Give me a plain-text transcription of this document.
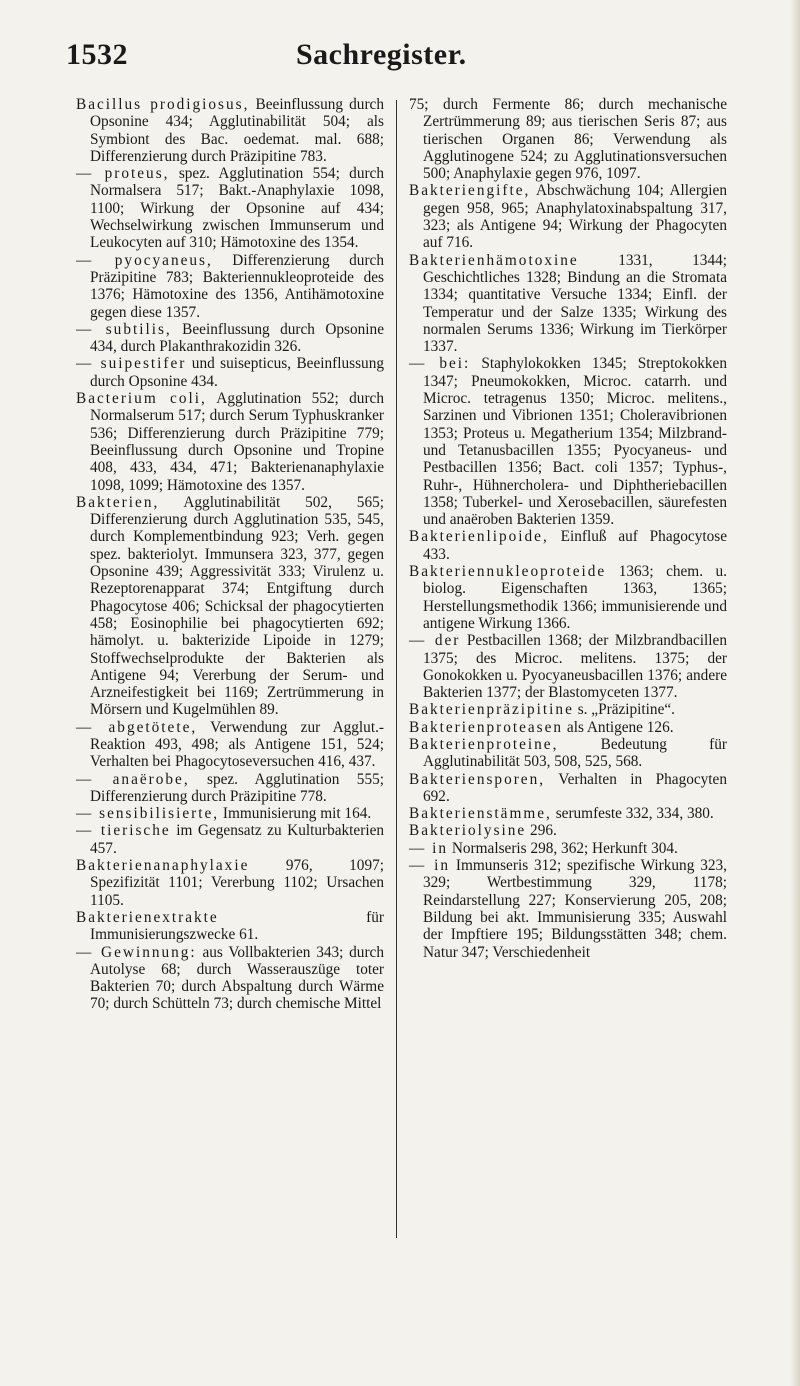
1532	Sachregister.

Bacillus prodigiosus, Beeinflussung durch Opsonine 434; Agglutinabilität 504; als Symbiont des Bac. oedemat. mal. 688; Differenzierung durch Präzipitine 783.

— proteus, spez. Agglutination 554; durch Normalsera 517; Bakt.-Anaphylaxie 1098, 1100; Wirkung der Opsonine auf 434; Wechselwirkung zwischen Immunserum und Leukocyten auf 310; Hämotoxine des 1354.

— pyocyaneus, Differenzierung durch Präzipitine 783; Bakteriennukleoproteide des 1376; Hämotoxine des 1356, Antihämotoxine gegen diese 1357.

— subtilis, Beeinflussung durch Opsonine 434, durch Plakanthrakozidin 326.

— suipestifer und suisepticus, Beeinflussung durch Opsonine 434.

Bacterium coli, Agglutination 552; durch Normalserum 517; durch Serum Typhuskranker 536; Differenzierung durch Präzipitine 779; Beeinflussung durch Opsonine und Tropine 408, 433, 434, 471; Bakterienanaphylaxie 1098, 1099; Hämotoxine des 1357.

Bakterien, Agglutinabilität 502, 565; Differenzierung durch Agglutination 535, 545, durch Komplementbindung 923; Verh. gegen spez. bakteriolyt. Immunsera 323, 377, gegen Opsonine 439; Aggressivität 333; Virulenz u. Rezeptorenapparat 374; Entgiftung durch Phagocytose 406; Schicksal der phagocytierten 458; Eosinophilie bei phagocytierten 692; hämolyt. u. bakterizide Lipoide in 1279; Stoffwechselprodukte der Bakterien als Antigene 94; Vererbung der Serum- und Arzneifestigkeit bei 1169; Zertrümmerung in Mörsern und Kugelmühlen 89.

— abgetötete, Verwendung zur Agglut.-Reaktion 493, 498; als Antigene 151, 524; Verhalten bei Phagocytoseversuchen 416, 437.

— anaërobe, spez. Agglutination 555; Differenzierung durch Präzipitine 778.

— sensibilisierte, Immunisierung mit 164.

— tierische im Gegensatz zu Kulturbakterien 457.

Bakterienanaphylaxie 976, 1097; Spezifizität 1101; Vererbung 1102; Ursachen 1105.

Bakterienextrakte für Immunisierungszwecke 61.

— Gewinnung: aus Vollbakterien 343; durch Autolyse 68; durch Wasserauszüge toter Bakterien 70; durch Abspaltung durch Wärme 70; durch Schütteln 73; durch chemische Mittel

75; durch Fermente 86; durch mechanische Zertrümmerung 89; aus tierischen Seris 87; aus tierischen Organen 86; Verwendung als Agglutinogene 524; zu Agglutinationsversuchen 500; Anaphylaxie gegen 976, 1097.

Bakteriengifte, Abschwächung 104; Allergien gegen 958, 965; Anaphylatoxinabspaltung 317, 323; als Antigene 94; Wirkung der Phagocyten auf 716.

Bakterienhämotoxine 1331, 1344; Geschichtliches 1328; Bindung an die Stromata 1334; quantitative Versuche 1334; Einfl. der Temperatur und der Salze 1335; Wirkung des normalen Serums 1336; Wirkung im Tierkörper 1337.

— bei: Staphylokokken 1345; Streptokokken 1347; Pneumokokken, Microc. catarrh. und Microc. tetragenus 1350; Microc. melitens., Sarzinen und Vibrionen 1351; Choleravibrionen 1353; Proteus u. Megatherium 1354; Milzbrand- und Tetanusbacillen 1355; Pyocyaneus- und Pestbacillen 1356; Bact. coli 1357; Typhus-, Ruhr-, Hühnercholera- und Diphtheriebacillen 1358; Tuberkel- und Xerosebacillen, säurefesten und anaëroben Bakterien 1359.

Bakterienlipoide, Einfluß auf Phagocytose 433.

Bakteriennukleoproteide 1363; chem. u. biolog. Eigenschaften 1363, 1365; Herstellungsmethodik 1366; immunisierende und antigene Wirkung 1366.

— der Pestbacillen 1368; der Milzbrandbacillen 1375; des Microc. melitens. 1375; der Gonokokken u. Pyocyaneusbacillen 1376; andere Bakterien 1377; der Blastomyceten 1377.

Bakterienpräzipitine s. „Präzipitine“.

Bakterienproteasen als Antigene 126.

Bakterienproteine, Bedeutung für Agglutinabilität 503, 508, 525, 568.

Bakteriensporen, Verhalten in Phagocyten 692.

Bakterienstämme, serumfeste 332, 334, 380.

Bakteriolysine 296.

— in Normalseris 298, 362; Herkunft 304.

— in Immunseris 312; spezifische Wirkung 323, 329; Wertbestimmung 329, 1178; Reindarstellung 227; Konservierung 205, 208; Bildung bei akt. Immunisierung 335; Auswahl der Impftiere 195; Bildungsstätten 348; chem. Natur 347; Verschiedenheit
